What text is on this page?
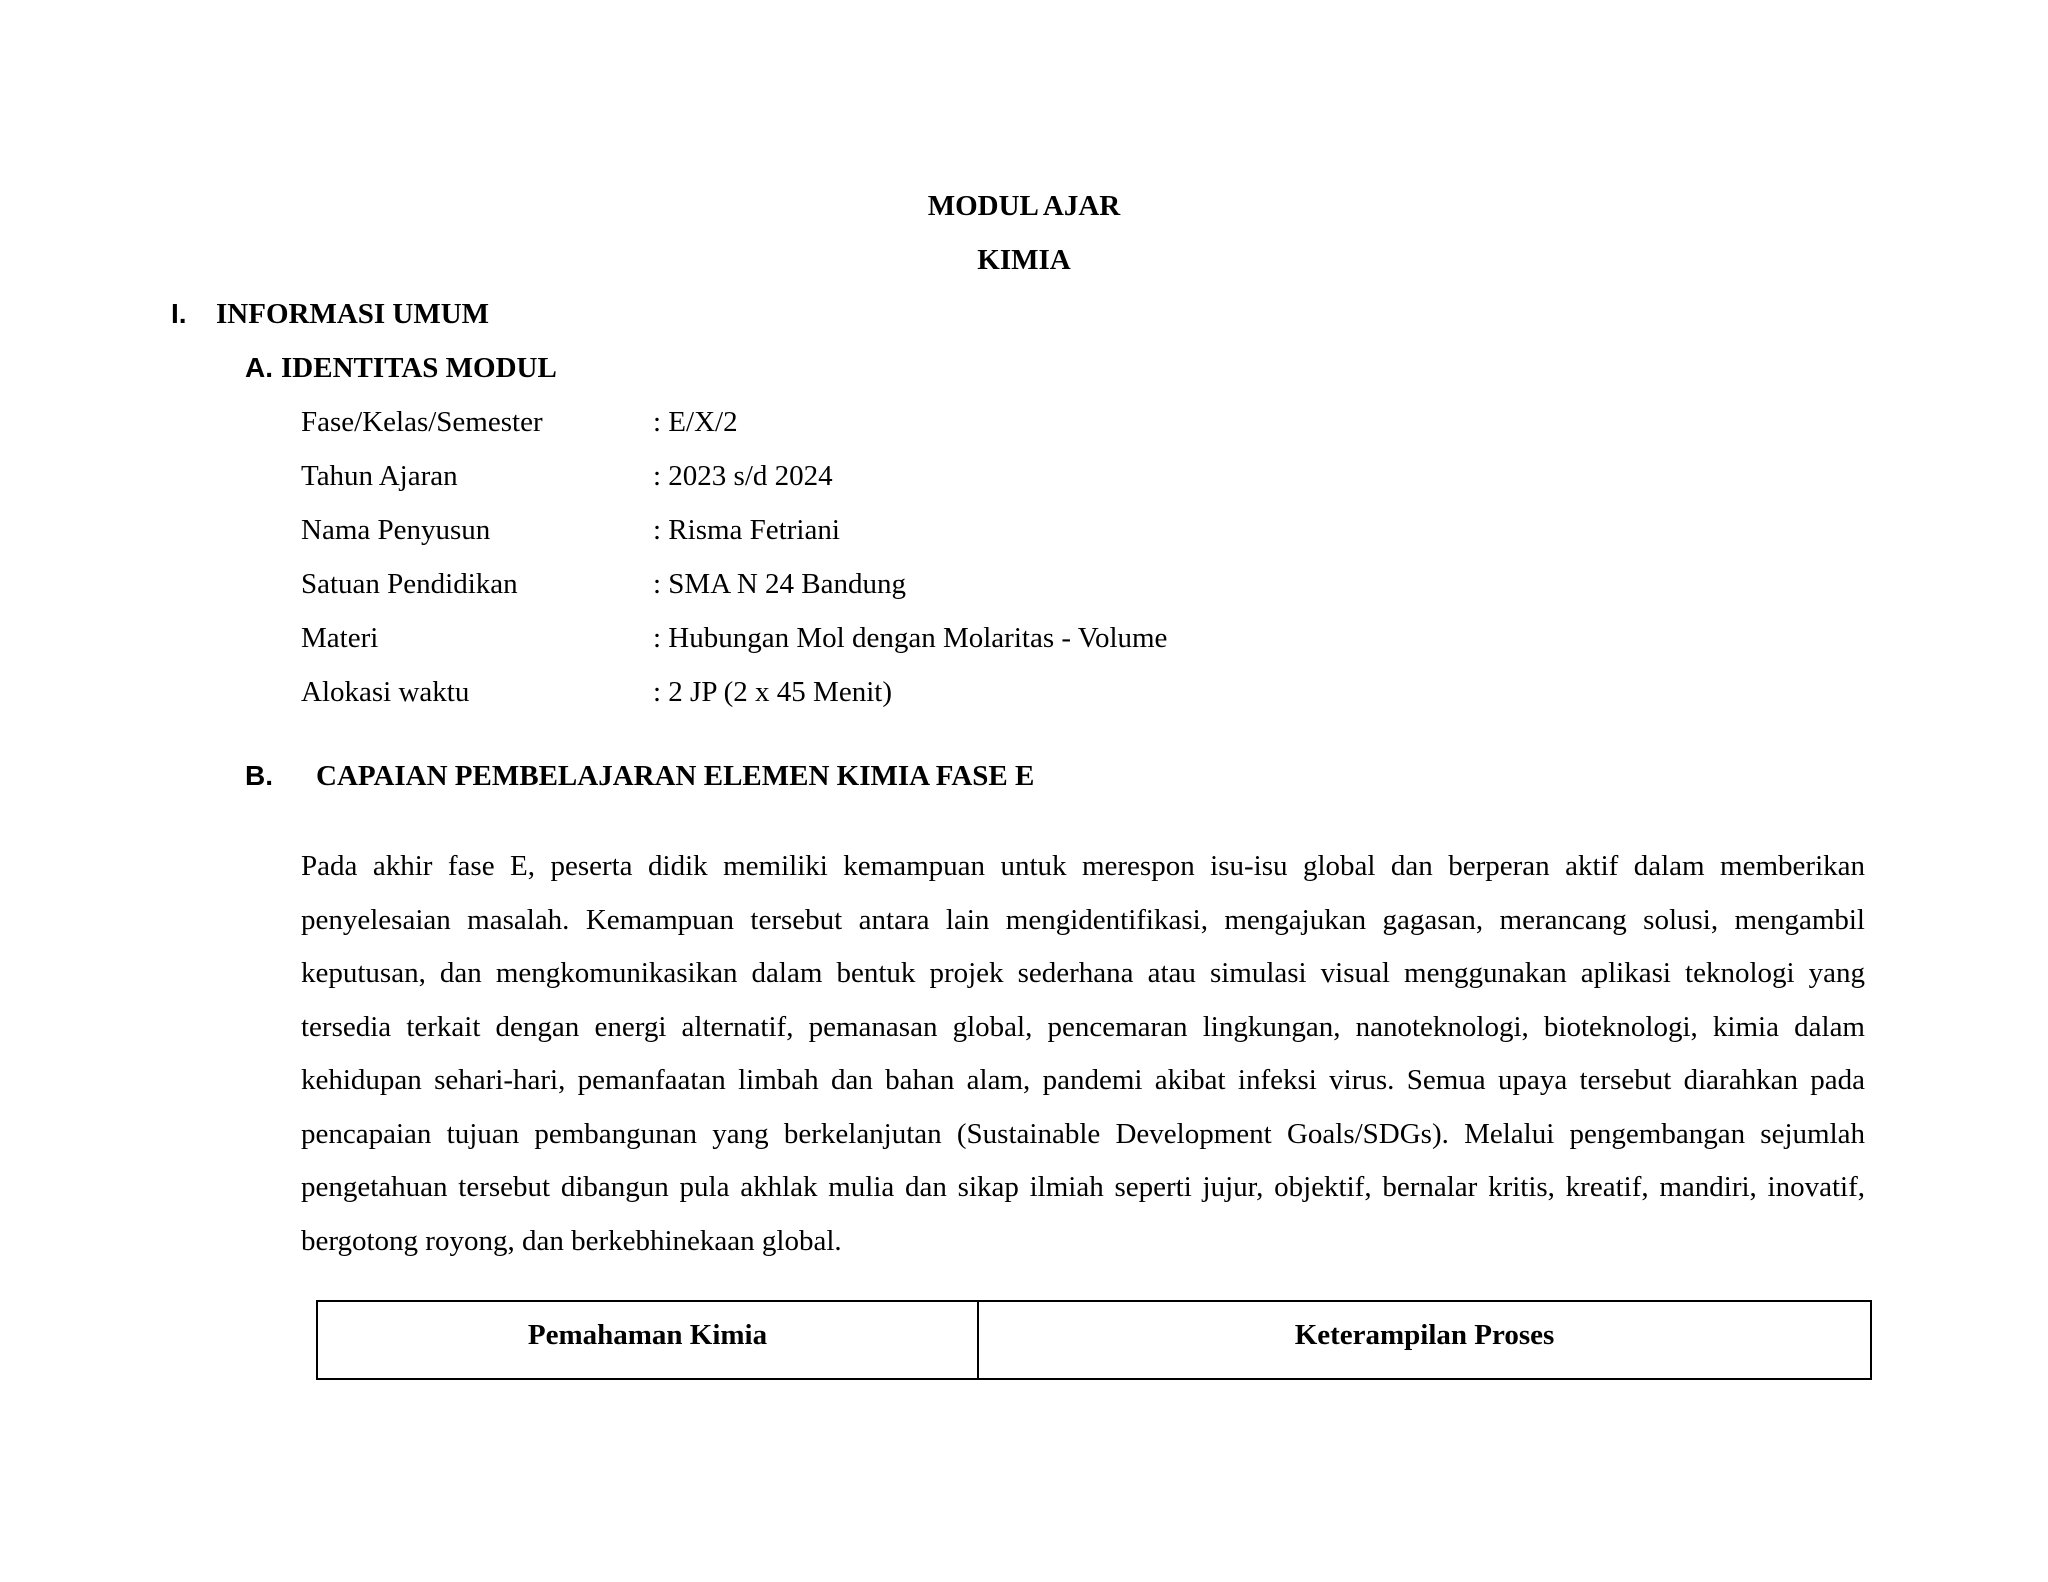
MODUL AJAR
KIMIA
I. INFORMASI UMUM
A. IDENTITAS MODUL
Fase/Kelas/Semester	: E/X/2
Tahun Ajaran	: 2023 s/d 2024
Nama Penyusun	: Risma Fetriani
Satuan Pendidikan	: SMA N 24 Bandung
Materi	: Hubungan Mol dengan Molaritas - Volume
Alokasi waktu	: 2 JP (2 x 45 Menit)
B. CAPAIAN PEMBELAJARAN ELEMEN KIMIA FASE E

Pada akhir fase E, peserta didik memiliki kemampuan untuk merespon isu-isu global dan berperan aktif dalam memberikan penyelesaian masalah. Kemampuan tersebut antara lain mengidentifikasi, mengajukan gagasan, merancang solusi, mengambil keputusan, dan mengkomunikasikan dalam bentuk projek sederhana atau simulasi visual menggunakan aplikasi teknologi yang tersedia terkait dengan energi alternatif, pemanasan global, pencemaran lingkungan, nanoteknologi, bioteknologi, kimia dalam kehidupan sehari-hari, pemanfaatan limbah dan bahan alam, pandemi akibat infeksi virus. Semua upaya tersebut diarahkan pada pencapaian tujuan pembangunan yang berkelanjutan (Sustainable Development Goals/SDGs). Melalui pengembangan sejumlah pengetahuan tersebut dibangun pula akhlak mulia dan sikap ilmiah seperti jujur, objektif, bernalar kritis, kreatif, mandiri, inovatif, bergotong royong, dan berkebhinekaan global.

Pemahaman Kimia	Keterampilan Proses
